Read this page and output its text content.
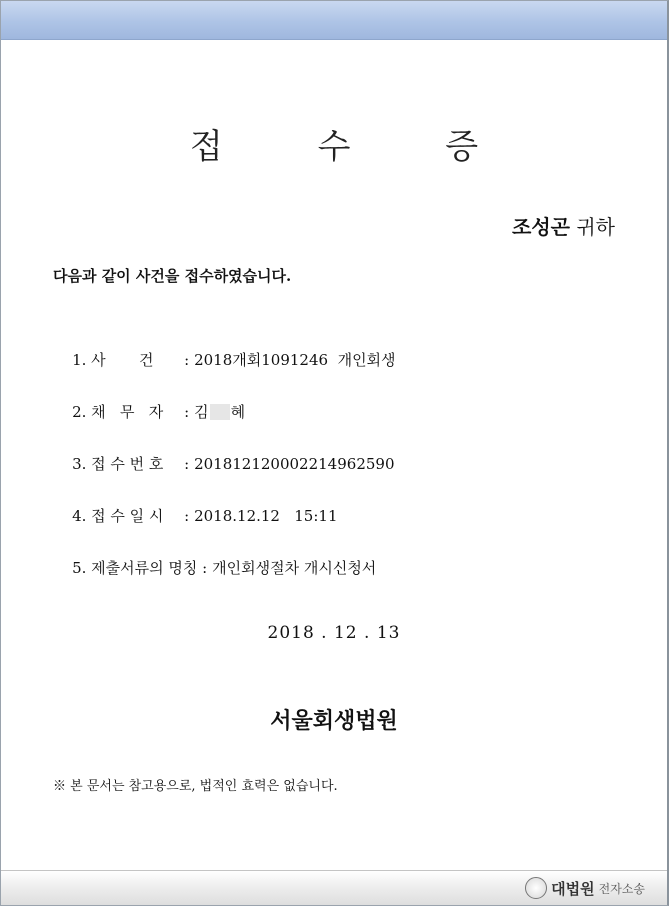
접 수 증
조성곤 귀하
다음과 같이 사건을 접수하였습니다.

1. 사       건 : 2018개회1091246  개인회생

2. 채   무   자 : 김 혜

3. 접 수 번 호 : 20181212000221496259​0

4. 접 수 일 시 : 2018.12.12   15:11

5. 제출서류의 명칭 : 개인회생절차 개시신청서

2018 . 12 . 13
서울회생법원
※ 본 문서는 참고용으로, 법적인 효력은 없습니다.
대법원 전자소송
